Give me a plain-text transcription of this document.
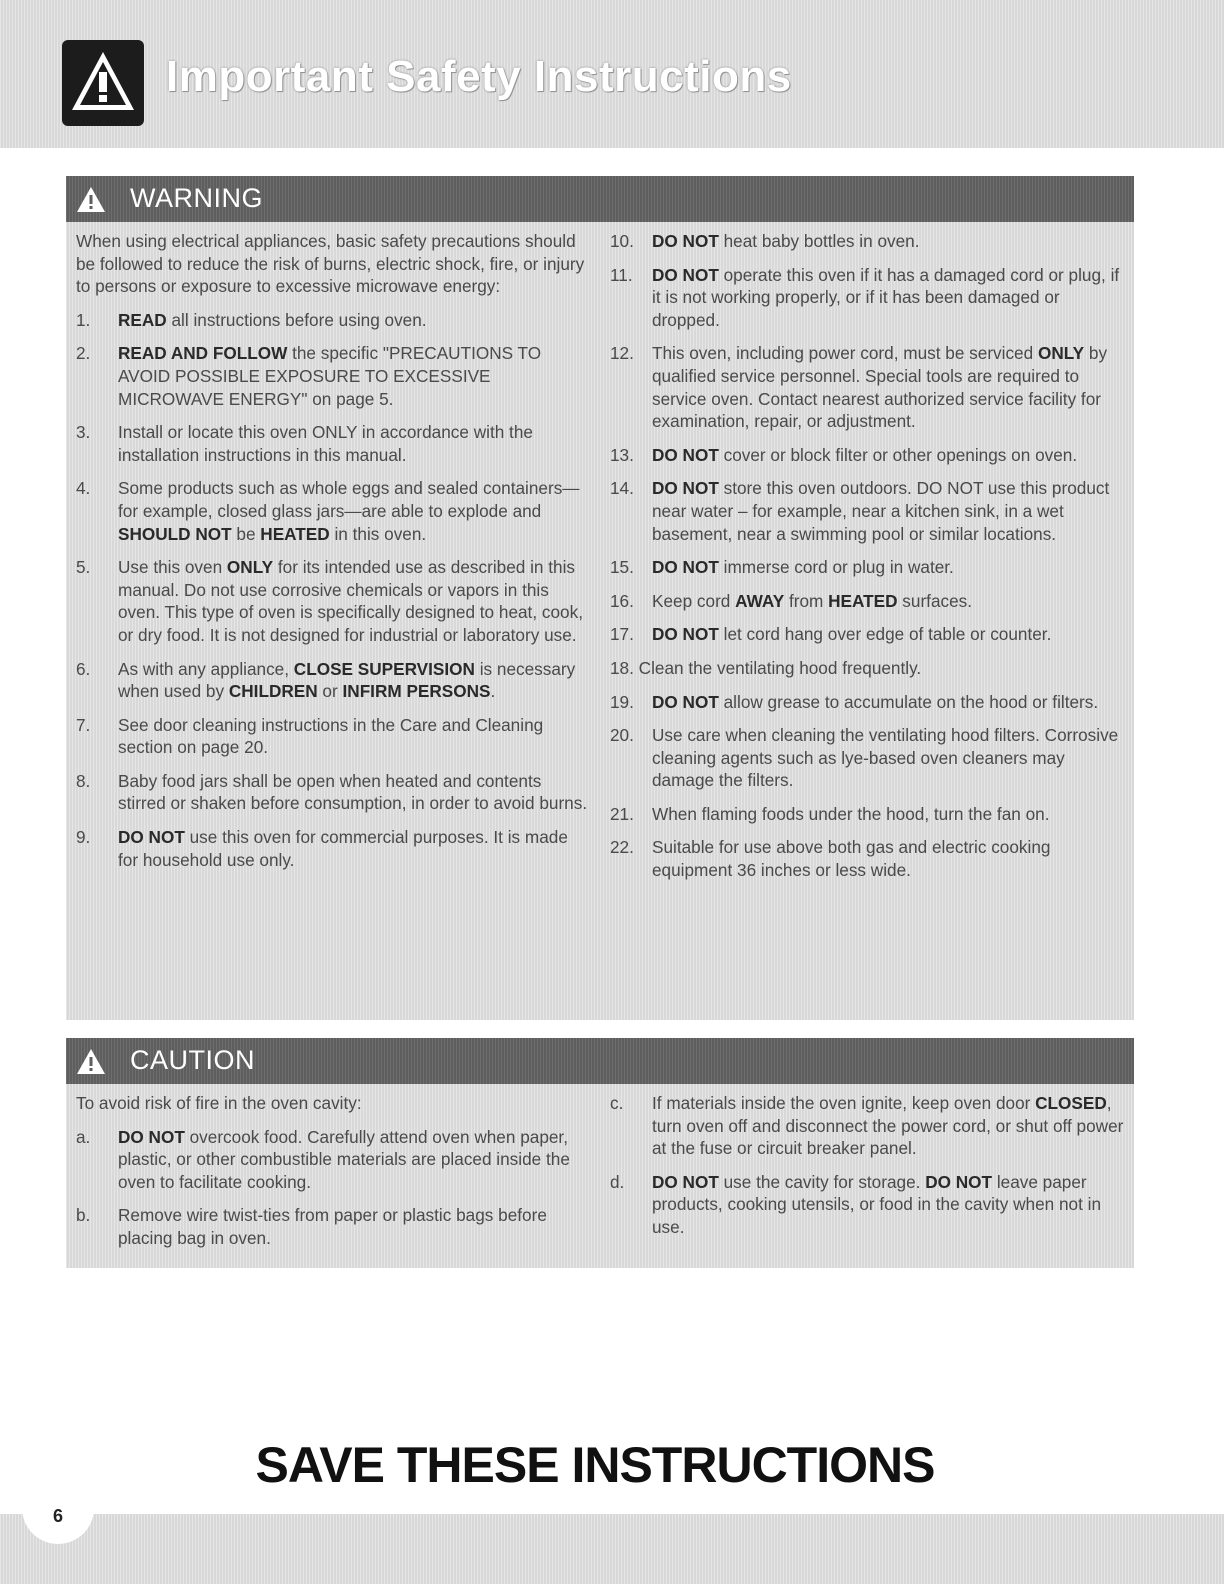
Important Safety Instructions
WARNING
When using electrical appliances, basic safety precautions should be followed to reduce the risk of burns, electric shock, fire, or injury to persons or exposure to excessive microwave energy:
1. READ all instructions before using oven.
2. READ AND FOLLOW the specific "PRECAUTIONS TO AVOID POSSIBLE EXPOSURE TO EXCESSIVE MICROWAVE ENERGY" on page 5.
3. Install or locate this oven ONLY in accordance with the installation instructions in this manual.
4. Some products such as whole eggs and sealed containers—for example, closed glass jars—are able to explode and SHOULD NOT be HEATED in this oven.
5. Use this oven ONLY for its intended use as described in this manual. Do not use corrosive chemicals or vapors in this oven. This type of oven is specifically designed to heat, cook, or dry food. It is not designed for industrial or laboratory use.
6. As with any appliance, CLOSE SUPERVISION is necessary when used by CHILDREN or INFIRM PERSONS.
7. See door cleaning instructions in the Care and Cleaning section on page 20.
8. Baby food jars shall be open when heated and contents stirred or shaken before consumption, in order to avoid burns.
9. DO NOT use this oven for commercial purposes. It is made for household use only.
10. DO NOT heat baby bottles in oven.
11. DO NOT operate this oven if it has a damaged cord or plug, if it is not working properly, or if it has been damaged or dropped.
12. This oven, including power cord, must be serviced ONLY by qualified service personnel. Special tools are required to service oven. Contact nearest authorized service facility for examination, repair, or adjustment.
13. DO NOT cover or block filter or other openings on oven.
14. DO NOT store this oven outdoors. DO NOT use this product near water – for example, near a kitchen sink, in a wet basement, near a swimming pool or similar locations.
15. DO NOT immerse cord or plug in water.
16. Keep cord AWAY from HEATED surfaces.
17. DO NOT let cord hang over edge of table or counter.
18. Clean the ventilating hood frequently.
19. DO NOT allow grease to accumulate on the hood or filters.
20. Use care when cleaning the ventilating hood filters. Corrosive cleaning agents such as lye-based oven cleaners may damage the filters.
21. When flaming foods under the hood, turn the fan on.
22. Suitable for use above both gas and electric cooking equipment 36 inches or less wide.
CAUTION
To avoid risk of fire in the oven cavity:
a. DO NOT overcook food. Carefully attend oven when paper, plastic, or other combustible materials are placed inside the oven to facilitate cooking.
b. Remove wire twist-ties from paper or plastic bags before placing bag in oven.
c. If materials inside the oven ignite, keep oven door CLOSED, turn oven off and disconnect the power cord, or shut off power at the fuse or circuit breaker panel.
d. DO NOT use the cavity for storage. DO NOT leave paper products, cooking utensils, or food in the cavity when not in use.
SAVE THESE INSTRUCTIONS
6
